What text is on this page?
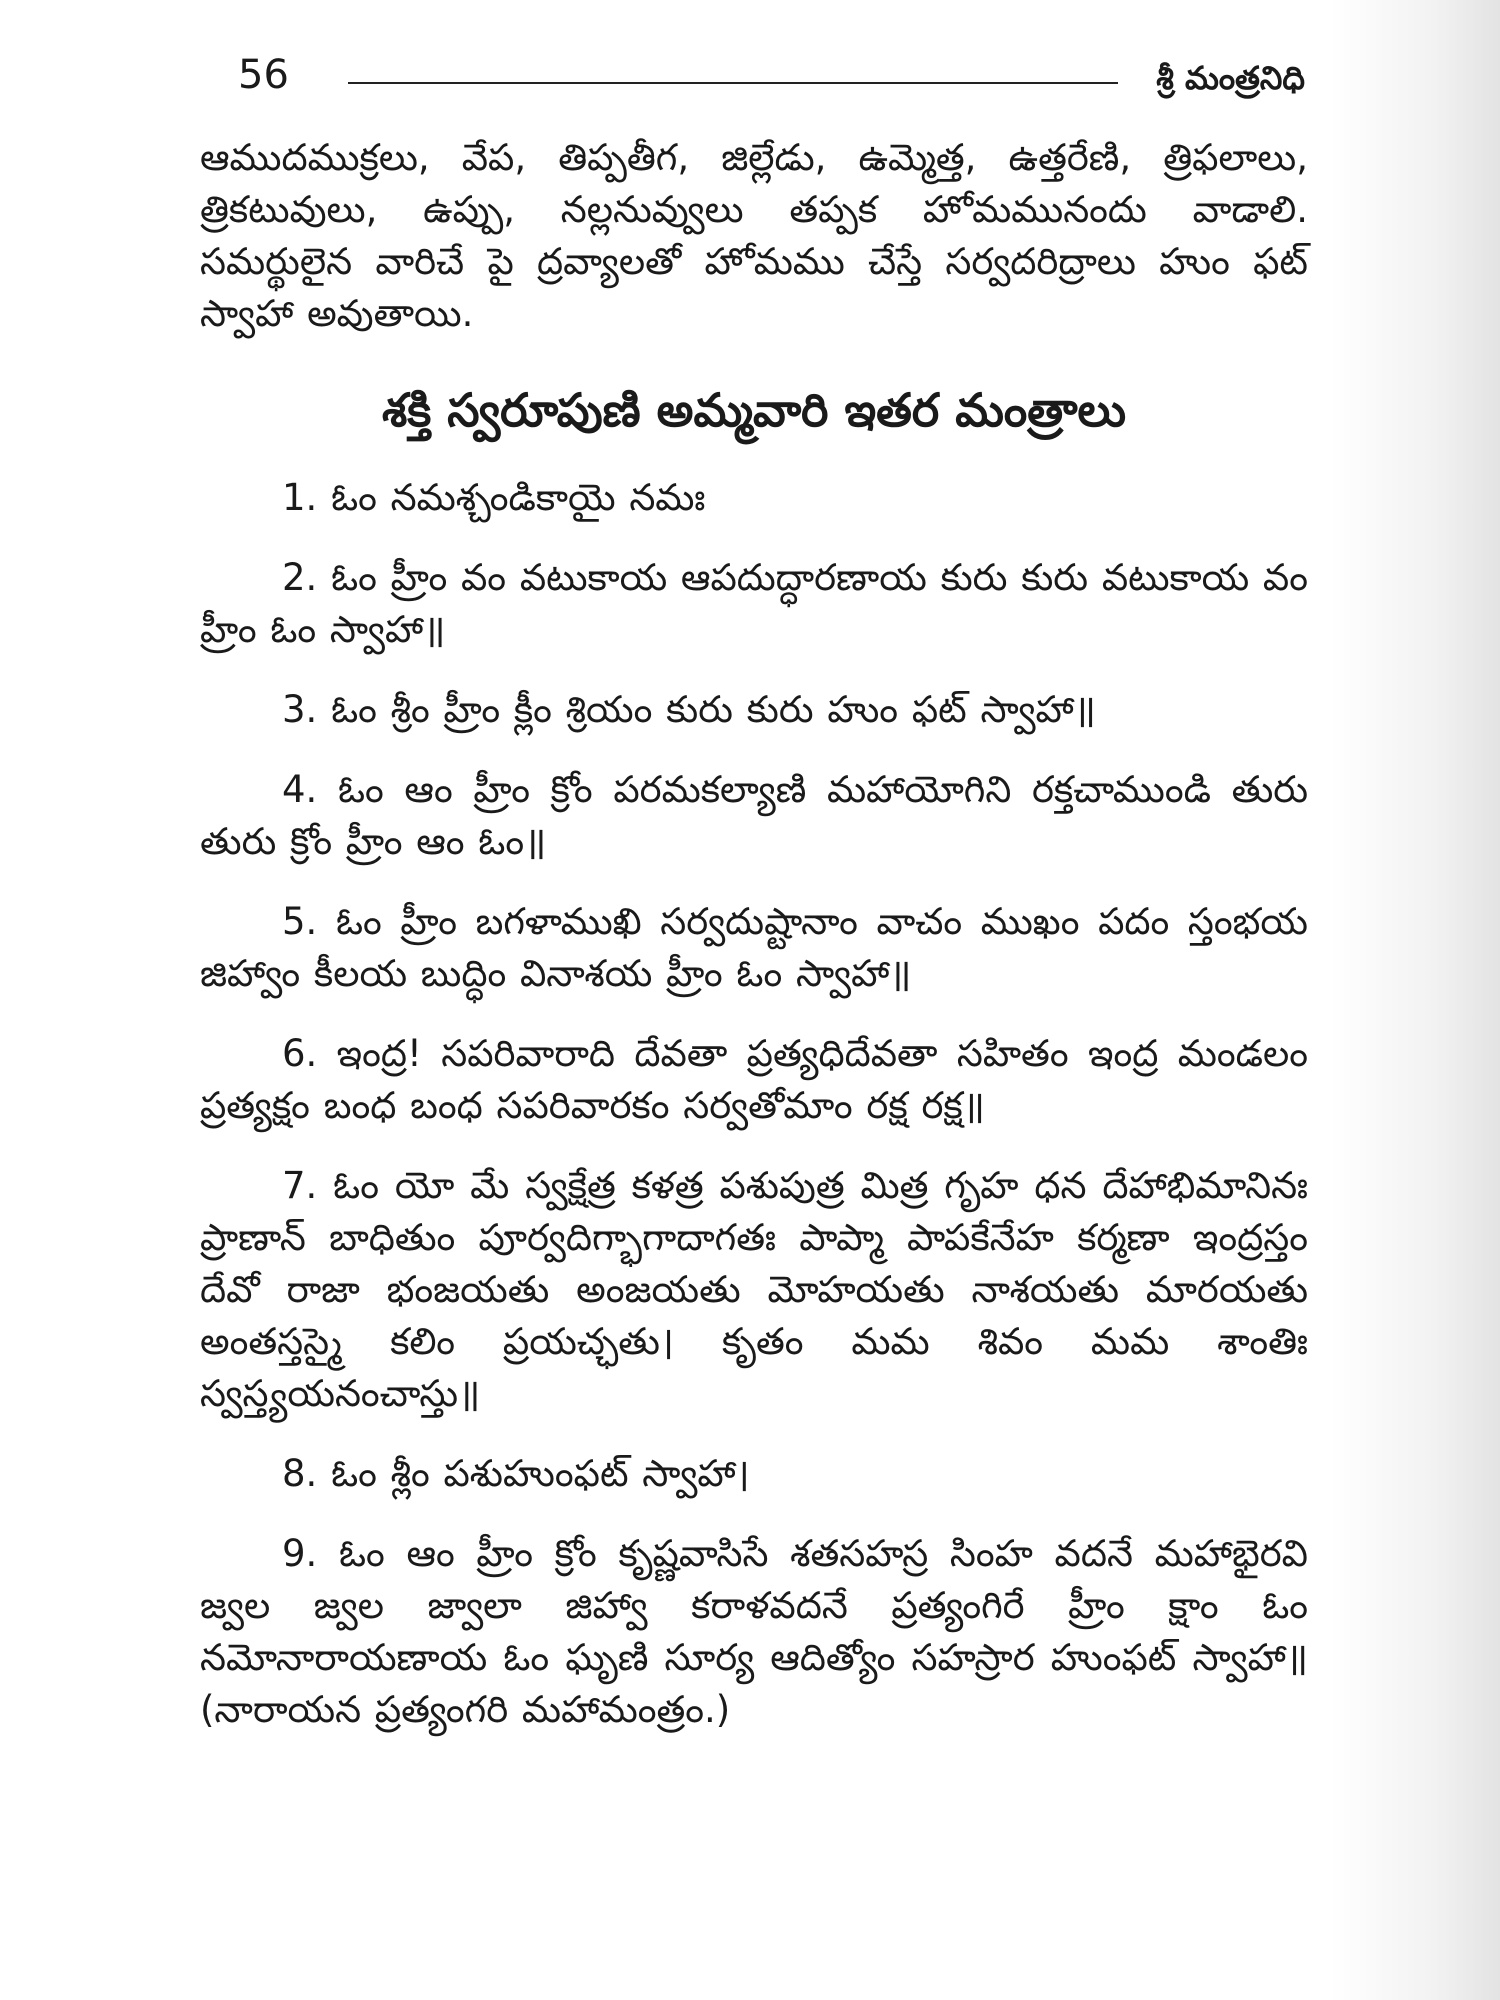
56	శ్రీ మంత్రనిధి

ఆముదముక్రలు, వేప, తిప్పతీగ, జిల్లేడు, ఉమ్మెత్త, ఉత్తరేణి, త్రిఫలాలు, త్రికటువులు, ఉప్పు, నల్లనువ్వులు తప్పక హోమమునందు వాడాలి. సమర్థులైన వారిచే పై ద్రవ్యాలతో హోమము చేస్తే సర్వదరిద్రాలు హుం ఫట్ స్వాహా అవుతాయి.

శక్తి స్వరూపుణి అమ్మవారి ఇతర మంత్రాలు

1. ఓం నమశ్చండికాయై నమః

2. ఓం హ్రీం వం వటుకాయ ఆపదుద్ధారణాయ కురు కురు వటుకాయ వం హ్రీం ఓం స్వాహా॥

3. ఓం శ్రీం హ్రీం క్లీం శ్రియం కురు కురు హుం ఫట్ స్వాహా॥

4. ఓం ఆం హ్రీం క్రోం పరమకల్యాణి మహాయోగిని రక్తచాముండి తురు తురు క్రోం హ్రీం ఆం ఓం॥

5. ఓం హ్రీం బగళాముఖి సర్వదుష్టానాం వాచం ముఖం పదం స్తంభయ జిహ్వాం కీలయ బుద్ధిం వినాశయ హ్రీం ఓం స్వాహా॥

6. ఇంద్ర! సపరివారాది దేవతా ప్రత్యధిదేవతా సహితం ఇంద్ర మండలం ప్రత్యక్షం బంధ బంధ సపరివారకం సర్వతోమాం రక్ష రక్ష॥

7. ఓం యో మే స్వక్షేత్ర కళత్ర పశుపుత్ర మిత్ర గృహ ధన దేహాభిమానినః ప్రాణాన్ బాధితుం పూర్వదిగ్భాగాదాగతః పాప్మా పాపకేనేహ కర్మణా ఇంద్రస్తం దేవో రాజా భంజయతు అంజయతు మోహయతు నాశయతు మారయతు అంతస్తస్మై కలిం ప్రయచ్ఛతు। కృతం మమ శివం మమ శాంతిః స్వస్త్యయనంచాస్తు॥

8. ఓం శ్లీం పశుహుంఫట్ స్వాహా।

9. ఓం ఆం హ్రీం క్రోం కృష్ణవాసిసే శతసహస్ర సింహ వదనే మహాభైరవి జ్వల జ్వల జ్వాలా జిహ్వా కరాళవదనే ప్రత్యంగిరే హ్రీం క్షాం ఓం నమోనారాయణాయ ఓం ఘృణి సూర్య ఆదిత్యోం సహస్రార హుంఫట్ స్వాహా॥ (నారాయన ప్రత్యంగరి మహామంత్రం.)
